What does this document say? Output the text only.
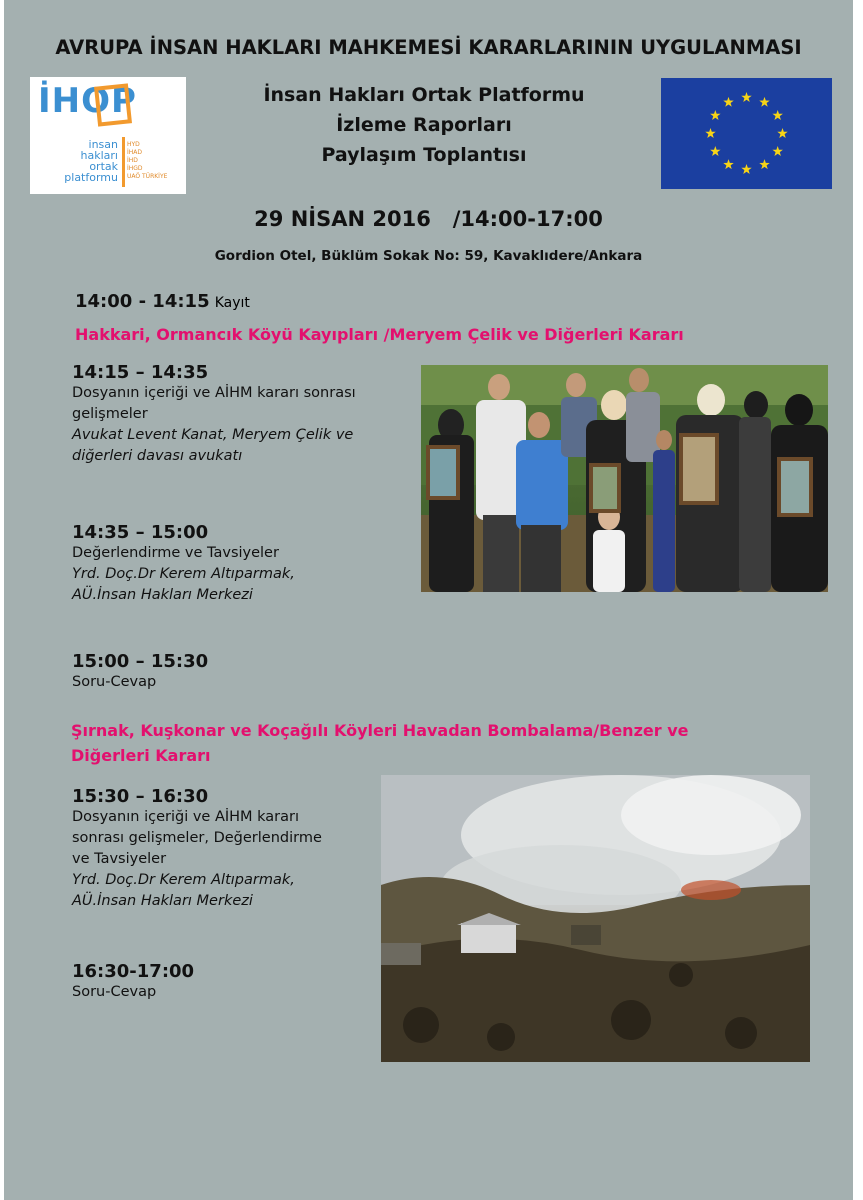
AVRUPA İNSAN HAKLARI MAHKEMESİ KARARLARININ UYGULANMASI
İHOP
insan
hakları
ortak
platformu
HYD
İHAD
İHD
İHGD
UAÖ TÜRKİYE
İnsan Hakları Ortak Platformu
İzleme Raporları
Paylaşım Toplantısı
29 NİSAN 2016   /14:00-17:00
Gordion Otel, Büklüm Sokak No: 59, Kavaklıdere/Ankara
14:00 - 14:15 Kayıt
Hakkari, Ormancık Köyü Kayıpları /Meryem Çelik ve Diğerleri Kararı
14:15 – 14:35
Dosyanın içeriği ve AİHM kararı sonrası
gelişmeler
Avukat Levent Kanat, Meryem Çelik ve
diğerleri davası avukatı
14:35 – 15:00
Değerlendirme ve Tavsiyeler
Yrd. Doç.Dr Kerem Altıparmak,
AÜ.İnsan Hakları Merkezi
15:00 – 15:30
Soru-Cevap
Şırnak, Kuşkonar ve Koçağılı Köyleri Havadan Bombalama/Benzer ve
Diğerleri Kararı
15:30 – 16:30
Dosyanın içeriği ve AİHM kararı
sonrası gelişmeler, Değerlendirme
ve Tavsiyeler
Yrd. Doç.Dr Kerem Altıparmak,
AÜ.İnsan Hakları Merkezi
16:30-17:00
Soru-Cevap
